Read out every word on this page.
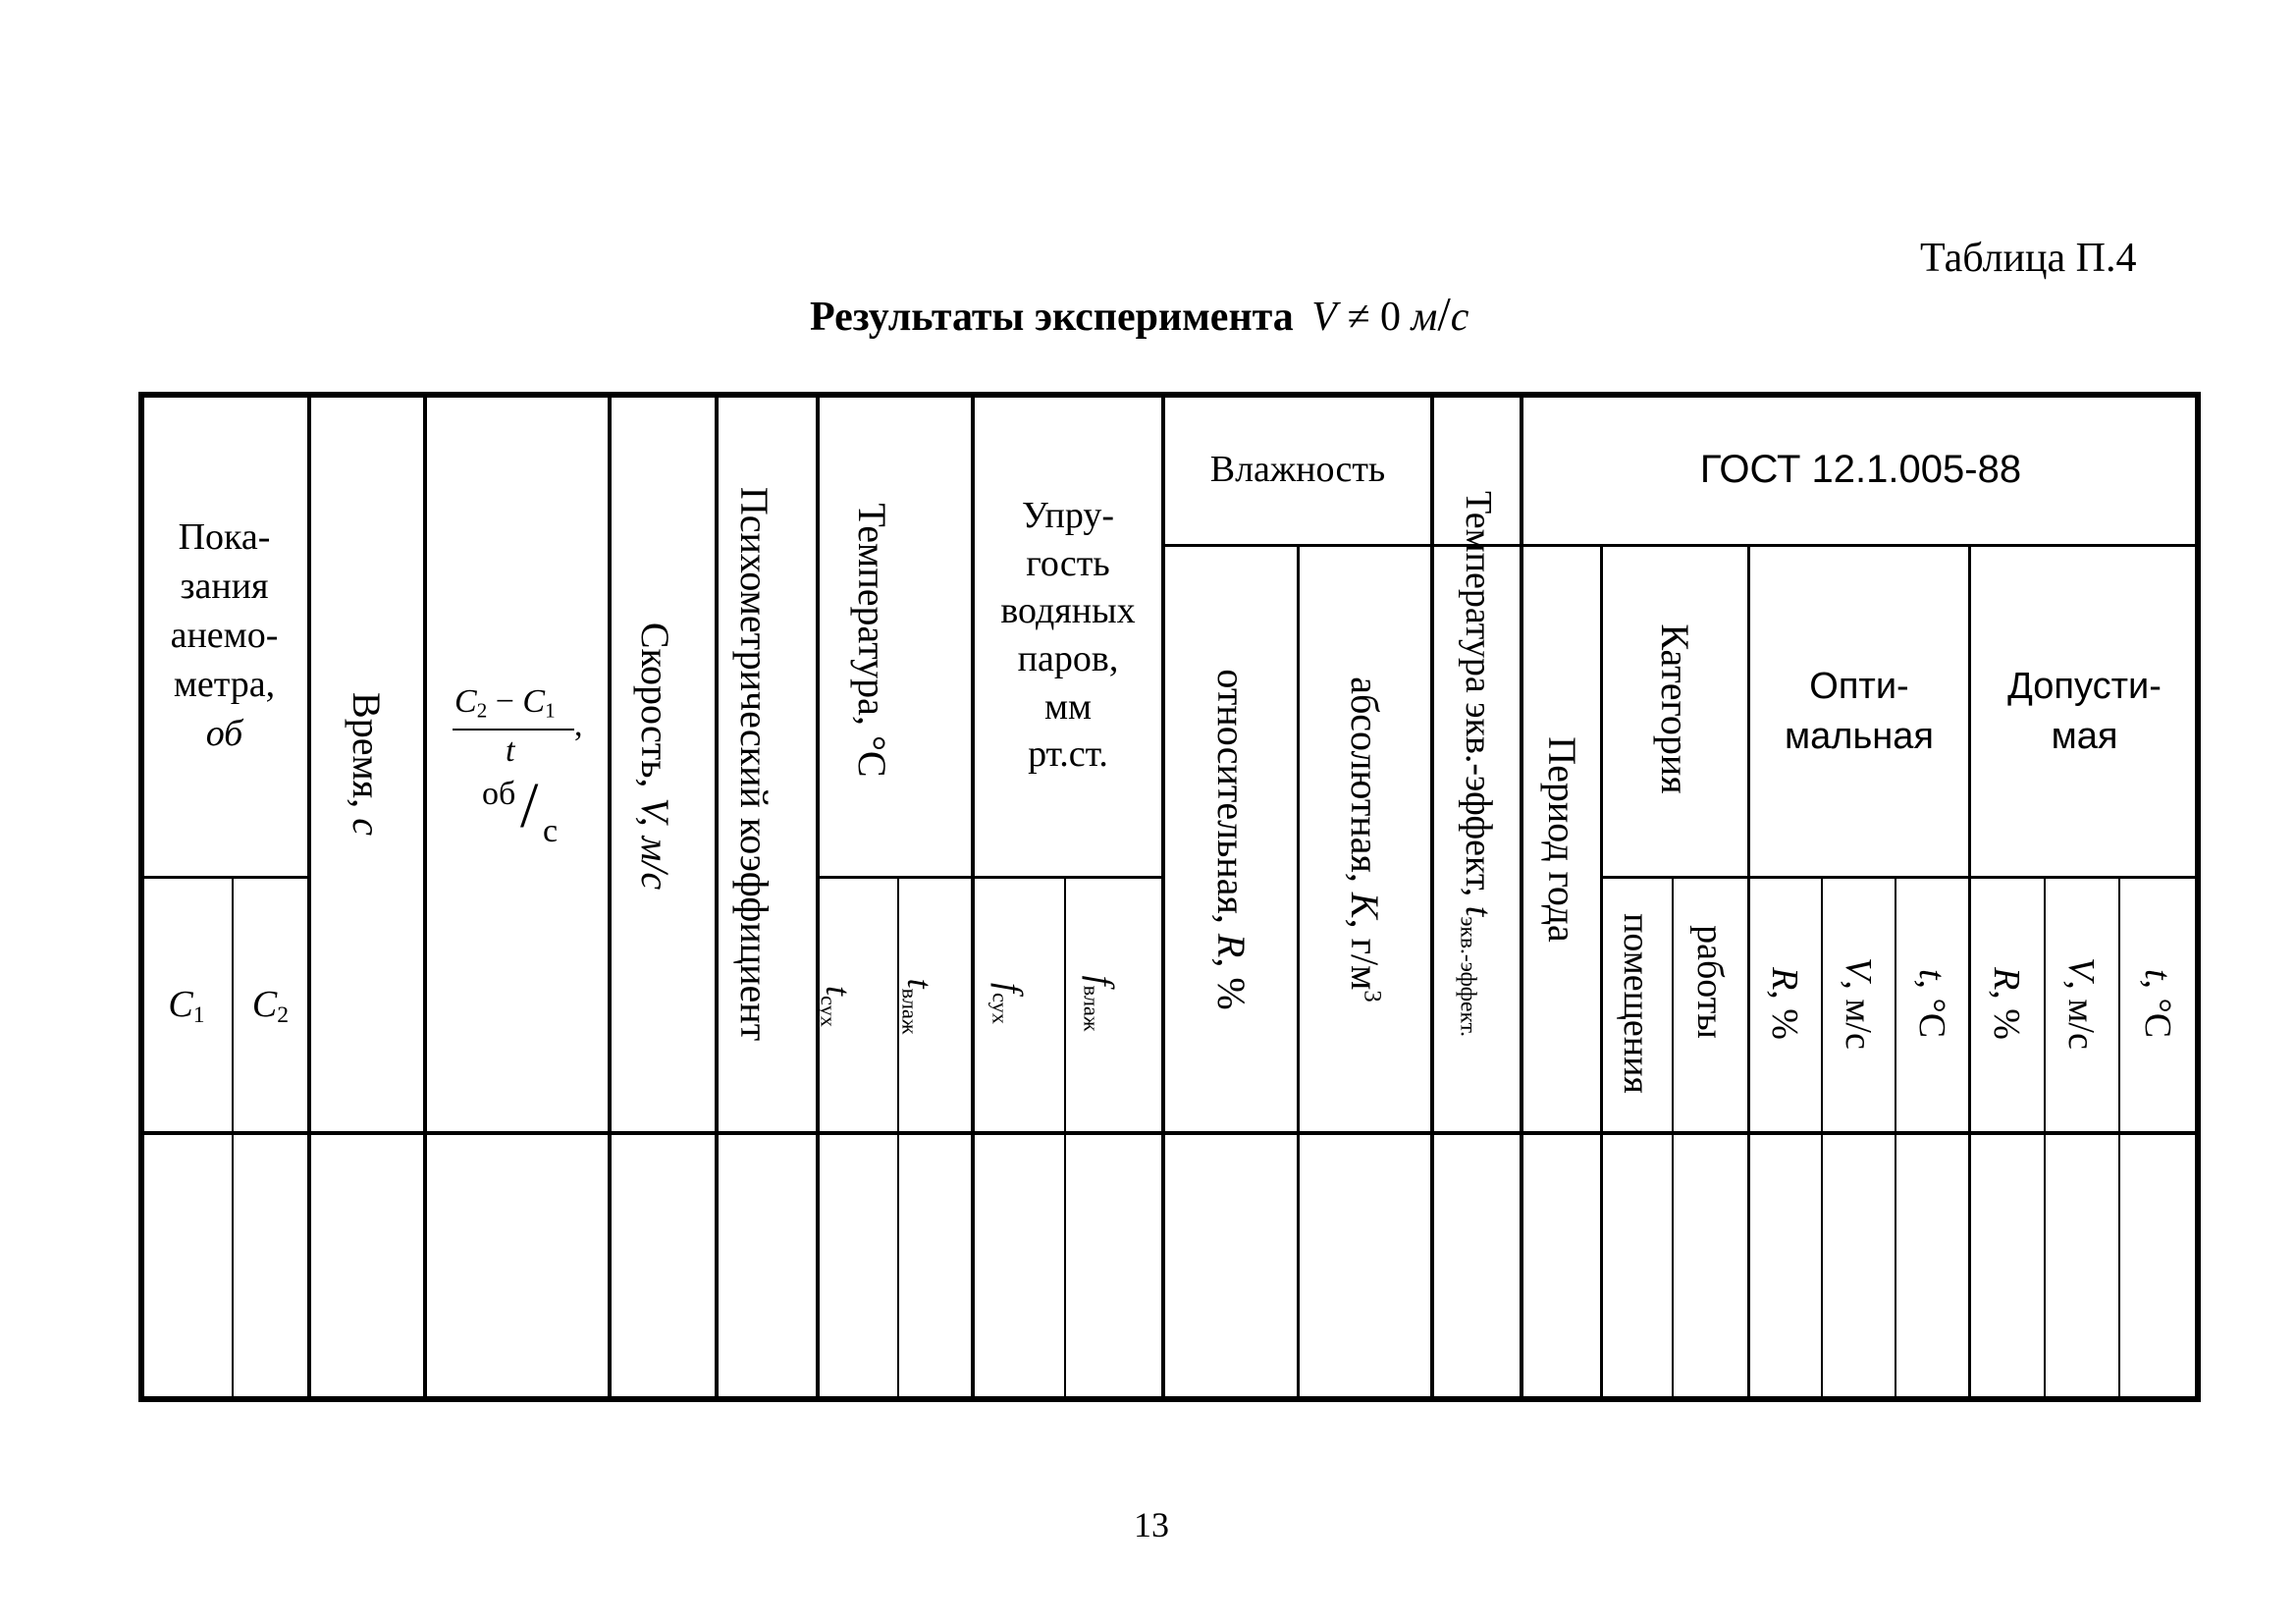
Таблица П.4
Результаты эксперимента V ≠ 0 м/с
Пока-
зания
анемо-
метра,
об
$C_1$ $C_2$
Время, с
$C_2 - C_1$ ,
t
об / с
Скорость, V, м/с Психометрический коэффициент Температура, °С
$t_{сух}$
$t_{влаж}$
Упру-
гость
водяных
паров,
мм
рт.ст.
$f_{сух}$
$f_{влаж}$
Влажность
относительная, R, %
абсолютная, K, $г/м^3$
Температура экв.-эффект, $t_{экв.-эффект.}$
ГОСТ 12.1.005-88
Период года
Категория
помещения работы
Опти-
мальная
Допусти-
мая
R, %
V, м/с
t, °С
R, %
V, м/с
t, °С
13
